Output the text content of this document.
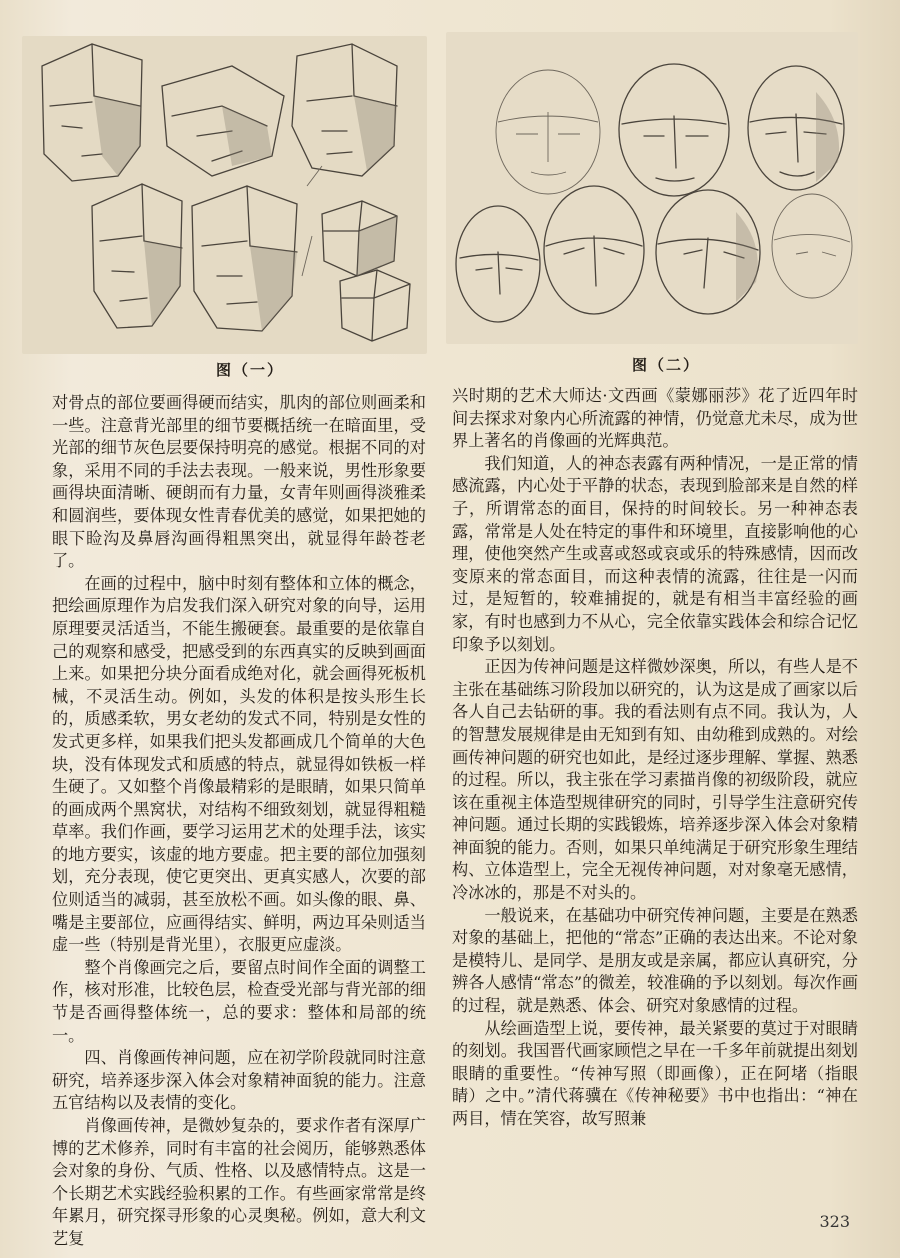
图（一）	图（二）

对骨点的部位要画得硬而结实，肌肉的部位则画柔和一些。注意背光部里的细节要概括统一在暗面里，受光部的细节灰色层要保持明亮的感觉。根据不同的对象，采用不同的手法去表现。一般来说，男性形象要画得块面清晰、硬朗而有力量，女青年则画得淡雅柔和圆润些，要体现女性青春优美的感觉，如果把她的眼下睑沟及鼻唇沟画得粗黑突出，就显得年龄苍老了。

在画的过程中，脑中时刻有整体和立体的概念，把绘画原理作为启发我们深入研究对象的向导，运用原理要灵活适当，不能生搬硬套。最重要的是依靠自己的观察和感受，把感受到的东西真实的反映到画面上来。如果把分块分面看成绝对化，就会画得死板机械，不灵活生动。例如，头发的体积是按头形生长的，质感柔软，男女老幼的发式不同，特别是女性的发式更多样，如果我们把头发都画成几个简单的大色块，没有体现发式和质感的特点，就显得如铁板一样生硬了。又如整个肖像最精彩的是眼睛，如果只简单的画成两个黑窝状，对结构不细致刻划，就显得粗糙草率。我们作画，要学习运用艺术的处理手法，该实的地方要实，该虚的地方要虚。把主要的部位加强刻划，充分表现，使它更突出、更真实感人，次要的部位则适当的减弱，甚至放松不画。如头像的眼、鼻、嘴是主要部位，应画得结实、鲜明，两边耳朵则适当虚一些（特别是背光里），衣服更应虚淡。

整个肖像画完之后，要留点时间作全面的调整工作，核对形准，比较色层，检查受光部与背光部的细节是否画得整体统一，总的要求：整体和局部的统一。

四、肖像画传神问题，应在初学阶段就同时注意研究，培养逐步深入体会对象精神面貌的能力。注意五官结构以及表情的变化。

肖像画传神，是微妙复杂的，要求作者有深厚广博的艺术修养，同时有丰富的社会阅历，能够熟悉体会对象的身份、气质、性格、以及感情特点。这是一个长期艺术实践经验积累的工作。有些画家常常是终年累月，研究探寻形象的心灵奥秘。例如，意大利文艺复

兴时期的艺术大师达·文西画《蒙娜丽莎》花了近四年时间去探求对象内心所流露的神情，仍觉意尤未尽，成为世界上著名的肖像画的光辉典范。

我们知道，人的神态表露有两种情况，一是正常的情感流露，内心处于平静的状态，表现到脸部来是自然的样子，所谓常态的面目，保持的时间较长。另一种神态表露，常常是人处在特定的事件和环境里，直接影响他的心理，使他突然产生或喜或怒或哀或乐的特殊感情，因而改变原来的常态面目，而这种表情的流露，往往是一闪而过，是短暂的，较难捕捉的，就是有相当丰富经验的画家，有时也感到力不从心，完全依靠实践体会和综合记忆印象予以刻划。

正因为传神问题是这样微妙深奥，所以，有些人是不主张在基础练习阶段加以研究的，认为这是成了画家以后各人自己去钻研的事。我的看法则有点不同。我认为，人的智慧发展规律是由无知到有知、由幼稚到成熟的。对绘画传神问题的研究也如此，是经过逐步理解、掌握、熟悉的过程。所以，我主张在学习素描肖像的初级阶段，就应该在重视主体造型规律研究的同时，引导学生注意研究传神问题。通过长期的实践锻炼，培养逐步深入体会对象精神面貌的能力。否则，如果只单纯满足于研究形象生理结构、立体造型上，完全无视传神问题，对对象毫无感情，冷冰冰的，那是不对头的。

一般说来，在基础功中研究传神问题，主要是在熟悉对象的基础上，把他的“常态”正确的表达出来。不论对象是模特儿、是同学、是朋友或是亲属，都应认真研究，分辨各人感情“常态”的微差，较准确的予以刻划。每次作画的过程，就是熟悉、体会、研究对象感情的过程。

从绘画造型上说，要传神，最关紧要的莫过于对眼睛的刻划。我国晋代画家顾恺之早在一千多年前就提出刻划眼睛的重要性。“传神写照（即画像），正在阿堵（指眼睛）之中。”清代蒋骥在《传神秘要》书中也指出：“神在两目，情在笑容，故写照兼

323
